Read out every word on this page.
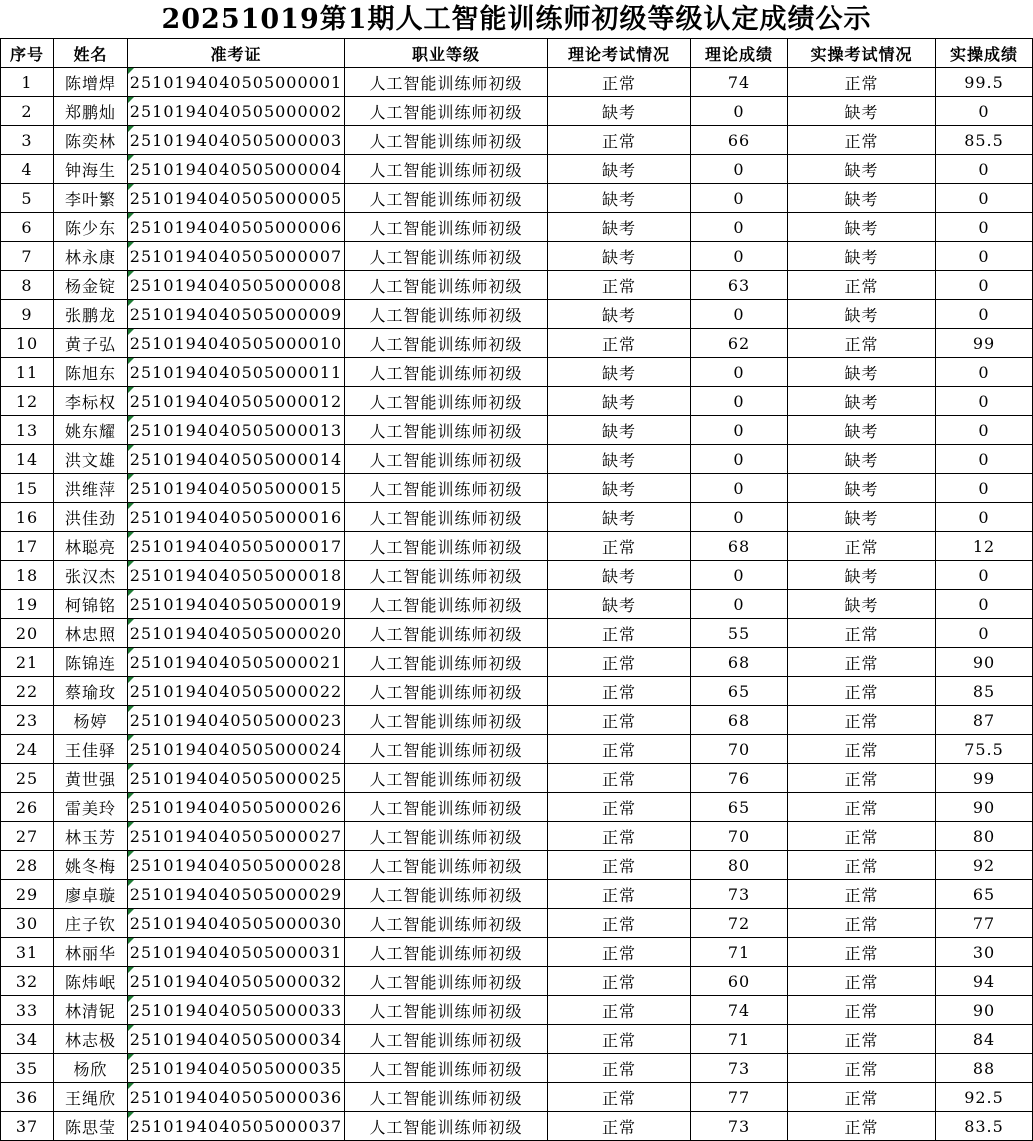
20251019第1期人工智能训练师初级等级认定成绩公示
序号	姓名	准考证	职业等级	理论考试情况	理论成绩	实操考试情况	实操成绩
1	陈增焊	2510194040505000001	人工智能训练师初级	正常	74	正常	99.5
2	郑鹏灿	2510194040505000002	人工智能训练师初级	缺考	0	缺考	0
3	陈奕林	2510194040505000003	人工智能训练师初级	正常	66	正常	85.5
4	钟海生	2510194040505000004	人工智能训练师初级	缺考	0	缺考	0
5	李叶繁	2510194040505000005	人工智能训练师初级	缺考	0	缺考	0
6	陈少东	2510194040505000006	人工智能训练师初级	缺考	0	缺考	0
7	林永康	2510194040505000007	人工智能训练师初级	缺考	0	缺考	0
8	杨金锭	2510194040505000008	人工智能训练师初级	正常	63	正常	0
9	张鹏龙	2510194040505000009	人工智能训练师初级	缺考	0	缺考	0
10	黄子弘	2510194040505000010	人工智能训练师初级	正常	62	正常	99
11	陈旭东	2510194040505000011	人工智能训练师初级	缺考	0	缺考	0
12	李标权	2510194040505000012	人工智能训练师初级	缺考	0	缺考	0
13	姚东耀	2510194040505000013	人工智能训练师初级	缺考	0	缺考	0
14	洪文雄	2510194040505000014	人工智能训练师初级	缺考	0	缺考	0
15	洪维萍	2510194040505000015	人工智能训练师初级	缺考	0	缺考	0
16	洪佳劲	2510194040505000016	人工智能训练师初级	缺考	0	缺考	0
17	林聪亮	2510194040505000017	人工智能训练师初级	正常	68	正常	12
18	张汉杰	2510194040505000018	人工智能训练师初级	缺考	0	缺考	0
19	柯锦铭	2510194040505000019	人工智能训练师初级	缺考	0	缺考	0
20	林忠照	2510194040505000020	人工智能训练师初级	正常	55	正常	0
21	陈锦连	2510194040505000021	人工智能训练师初级	正常	68	正常	90
22	蔡瑜玫	2510194040505000022	人工智能训练师初级	正常	65	正常	85
23	杨婷	2510194040505000023	人工智能训练师初级	正常	68	正常	87
24	王佳驿	2510194040505000024	人工智能训练师初级	正常	70	正常	75.5
25	黄世强	2510194040505000025	人工智能训练师初级	正常	76	正常	99
26	雷美玲	2510194040505000026	人工智能训练师初级	正常	65	正常	90
27	林玉芳	2510194040505000027	人工智能训练师初级	正常	70	正常	80
28	姚冬梅	2510194040505000028	人工智能训练师初级	正常	80	正常	92
29	廖卓璇	2510194040505000029	人工智能训练师初级	正常	73	正常	65
30	庄子钦	2510194040505000030	人工智能训练师初级	正常	72	正常	77
31	林丽华	2510194040505000031	人工智能训练师初级	正常	71	正常	30
32	陈炜岷	2510194040505000032	人工智能训练师初级	正常	60	正常	94
33	林清铌	2510194040505000033	人工智能训练师初级	正常	74	正常	90
34	林志极	2510194040505000034	人工智能训练师初级	正常	71	正常	84
35	杨欣	2510194040505000035	人工智能训练师初级	正常	73	正常	88
36	王绳欣	2510194040505000036	人工智能训练师初级	正常	77	正常	92.5
37	陈思莹	2510194040505000037	人工智能训练师初级	正常	73	正常	83.5
